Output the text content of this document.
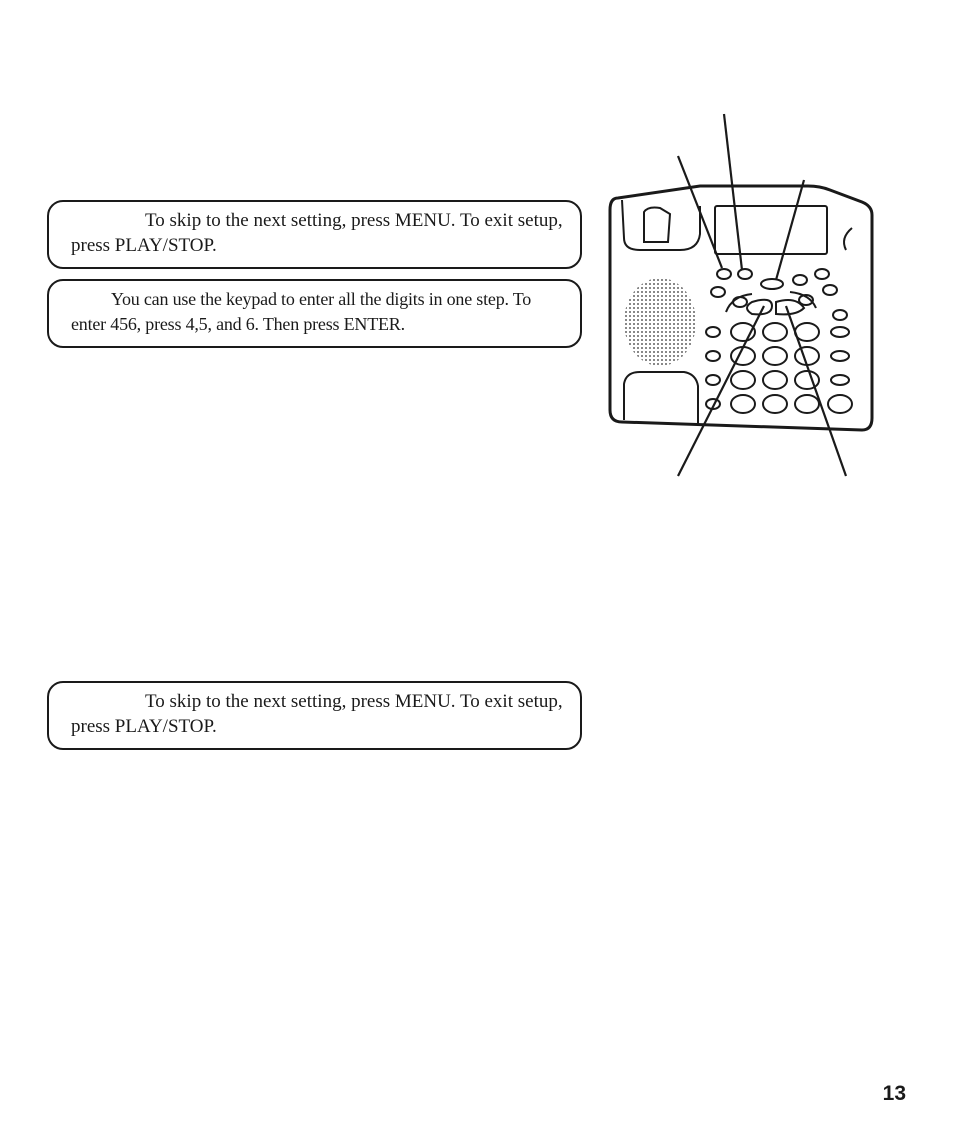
To skip to the next setting, press MENU. To exit setup, press PLAY/STOP.
You can use the keypad to enter all the digits in one step. To enter 456, press 4,5, and 6. Then press ENTER.
To skip to the next setting, press MENU. To exit setup, press PLAY/STOP.
13
